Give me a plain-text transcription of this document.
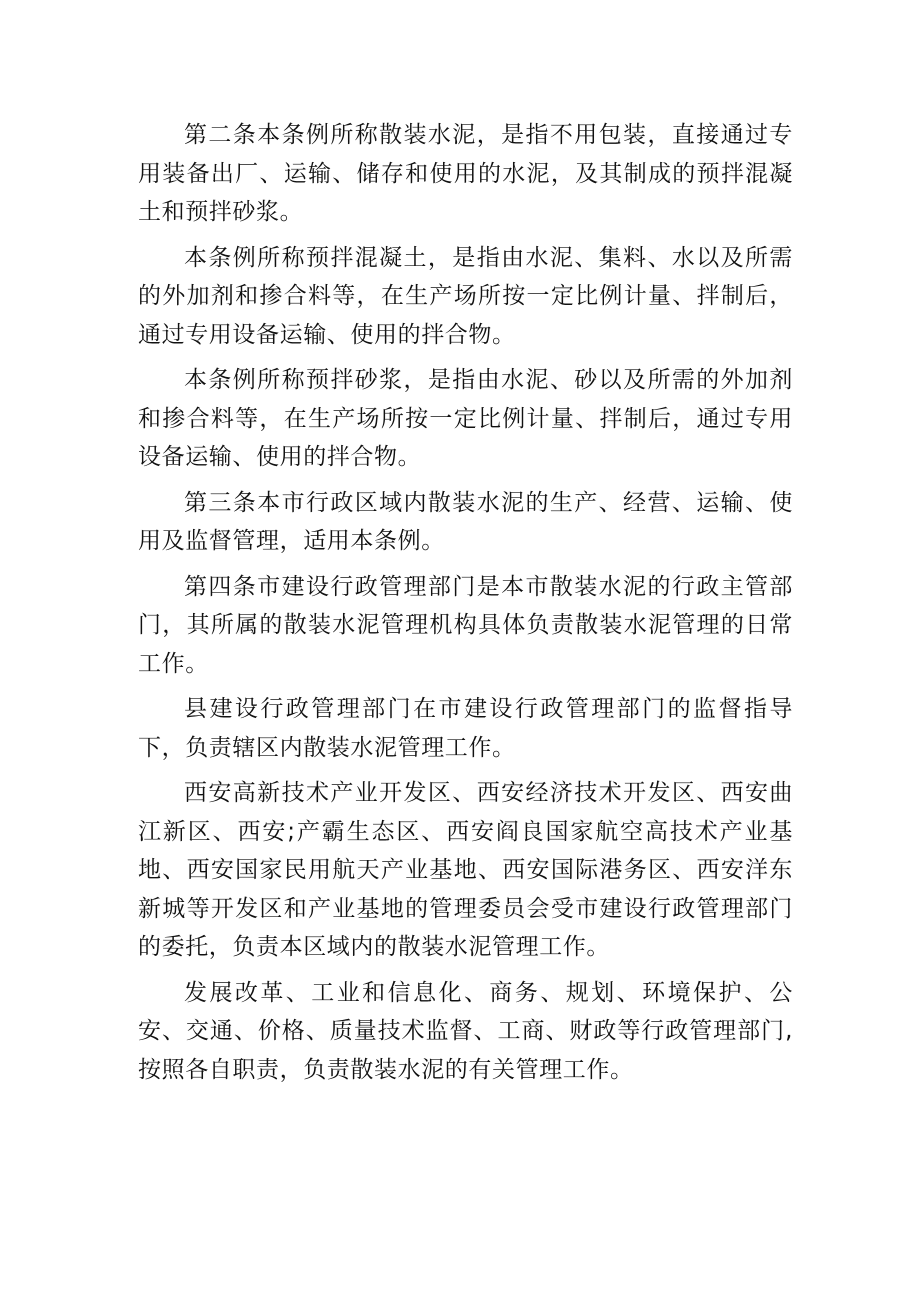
第二条本条例所称散装水泥，是指不用包装，直接通过专用装备出厂、运输、储存和使用的水泥，及其制成的预拌混凝土和预拌砂浆。

本条例所称预拌混凝土，是指由水泥、集料、水以及所需的外加剂和掺合料等，在生产场所按一定比例计量、拌制后，通过专用设备运输、使用的拌合物。

本条例所称预拌砂浆，是指由水泥、砂以及所需的外加剂和掺合料等，在生产场所按一定比例计量、拌制后，通过专用设备运输、使用的拌合物。

第三条本市行政区域内散装水泥的生产、经营、运输、使用及监督管理，适用本条例。

第四条市建设行政管理部门是本市散装水泥的行政主管部门，其所属的散装水泥管理机构具体负责散装水泥管理的日常工作。

县建设行政管理部门在市建设行政管理部门的监督指导下，负责辖区内散装水泥管理工作。

西安高新技术产业开发区、西安经济技术开发区、西安曲江新区、西安;产霸生态区、西安阎良国家航空高技术产业基地、西安国家民用航天产业基地、西安国际港务区、西安洋东新城等开发区和产业基地的管理委员会受市建设行政管理部门的委托，负责本区域内的散装水泥管理工作。

发展改革、工业和信息化、商务、规划、环境保护、公安、交通、价格、质量技术监督、工商、财政等行政管理部门,按照各自职责，负责散装水泥的有关管理工作。
